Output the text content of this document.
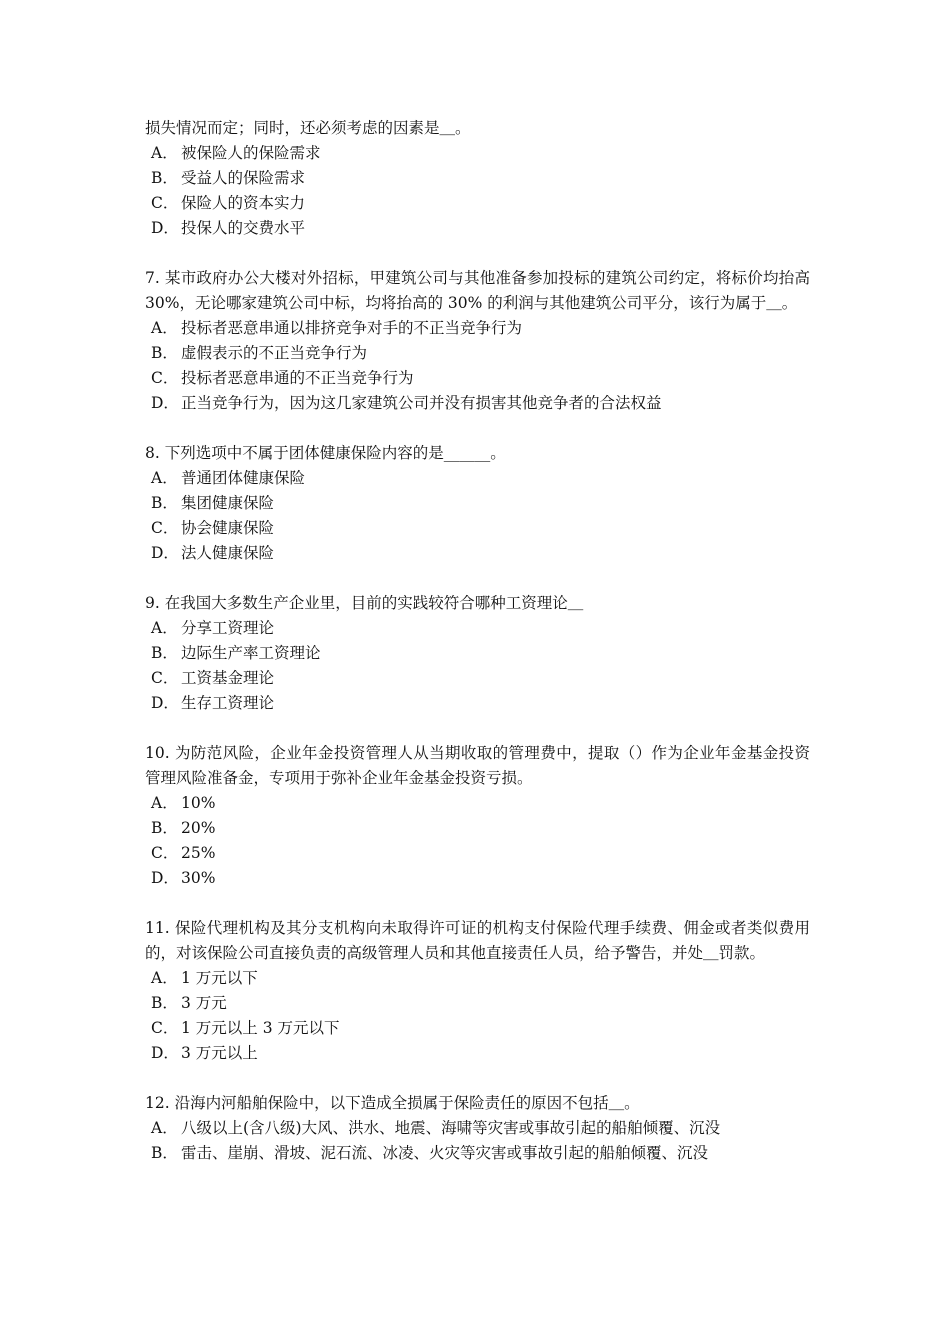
损失情况而定；同时，还必须考虑的因素是＿。
A． 被保险人的保险需求
B． 受益人的保险需求
C． 保险人的资本实力
D． 投保人的交费水平
7. 某市政府办公大楼对外招标，甲建筑公司与其他准备参加投标的建筑公司约定，将标价均抬高 30%，无论哪家建筑公司中标，均将抬高的 30% 的利润与其他建筑公司平分，该行为属于＿。
A． 投标者恶意串通以排挤竞争对手的不正当竞争行为
B． 虚假表示的不正当竞争行为
C． 投标者恶意串通的不正当竞争行为
D． 正当竞争行为，因为这几家建筑公司并没有损害其他竞争者的合法权益
8. 下列选项中不属于团体健康保险内容的是______。
A． 普通团体健康保险
B． 集团健康保险
C． 协会健康保险
D． 法人健康保险
9. 在我国大多数生产企业里，目前的实践较符合哪种工资理论＿
A． 分享工资理论
B． 边际生产率工资理论
C． 工资基金理论
D． 生存工资理论
10. 为防范风险，企业年金投资管理人从当期收取的管理费中，提取（）作为企业年金基金投资管理风险准备金，专项用于弥补企业年金基金投资亏损。
A． 10%
B． 20%
C． 25%
D． 30%
11. 保险代理机构及其分支机构向未取得许可证的机构支付保险代理手续费、佣金或者类似费用的，对该保险公司直接负责的高级管理人员和其他直接责任人员，给予警告，并处＿罚款。
A． 1 万元以下
B． 3 万元
C． 1 万元以上 3 万元以下
D． 3 万元以上
12. 沿海内河船舶保险中，以下造成全损属于保险责任的原因不包括＿。
A． 八级以上(含八级)大风、洪水、地震、海啸等灾害或事故引起的船舶倾覆、沉没
B． 雷击、崖崩、滑坡、泥石流、冰凌、火灾等灾害或事故引起的船舶倾覆、沉没
